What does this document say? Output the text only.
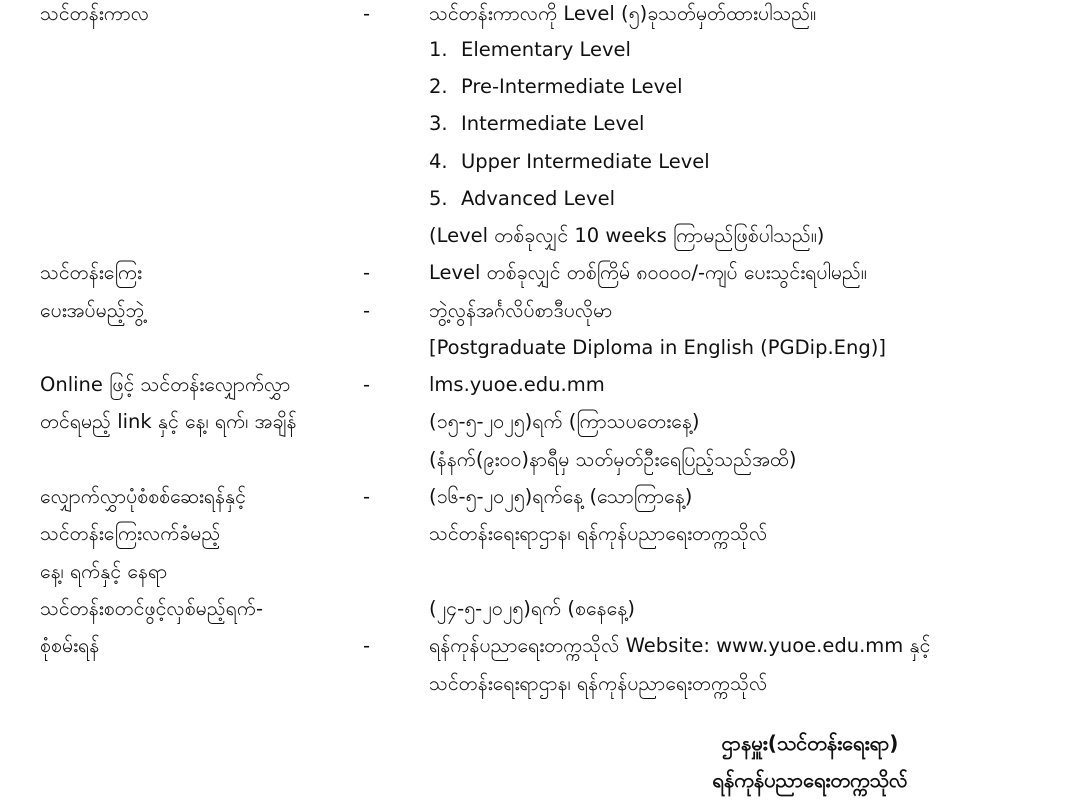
သင်တန်းကာလ	-	သင်တန်းကာလကို Level (၅)ခုသတ်မှတ်ထားပါသည်။
1. Elementary Level
2. Pre-Intermediate Level
3. Intermediate Level
4. Upper Intermediate Level
5. Advanced Level
(Level တစ်ခုလျှင် 10 weeks ကြာမည်ဖြစ်ပါသည်။)
သင်တန်းကြေး	-	Level တစ်ခုလျှင် တစ်ကြိမ် ၈၀၀၀၀/-ကျပ် ပေးသွင်းရပါမည်။
ပေးအပ်မည့်ဘွဲ့	-	ဘွဲ့လွန်အင်္ဂလိပ်စာဒီပလိုမာ
[Postgraduate Diploma in English (PGDip.Eng)]
Online ဖြင့် သင်တန်းလျှောက်လွှာ	-	lms.yuoe.edu.mm
တင်ရမည့် link နှင့် နေ့၊ ရက်၊ အချိန်	(၁၅-၅-၂၀၂၅)ရက် (ကြာသပတေးနေ့)
(နံနက်(၉း၀၀)နာရီမှ သတ်မှတ်ဦးရေပြည့်သည်အထိ)
လျှောက်လွှာပုံစံစစ်ဆေးရန်နှင့်	-	(၁၆-၅-၂၀၂၅)ရက်နေ့ (သောကြာနေ့)
သင်တန်းကြေးလက်ခံမည့်	သင်တန်းရေးရာဌာန၊ ရန်ကုန်ပညာရေးတက္ကသိုလ်
နေ့၊ ရက်နှင့် နေရာ
သင်တန်းစတင်ဖွင့်လှစ်မည့်ရက်-	(၂၄-၅-၂၀၂၅)ရက် (စနေနေ့)
စုံစမ်းရန်	-	ရန်ကုန်ပညာရေးတက္ကသိုလ် Website: www.yuoe.edu.mm နှင့်
သင်တန်းရေးရာဌာန၊ ရန်ကုန်ပညာရေးတက္ကသိုလ်
ဌာနမှူး(သင်တန်းရေးရာ)
ရန်ကုန်ပညာရေးတက္ကသိုလ်
